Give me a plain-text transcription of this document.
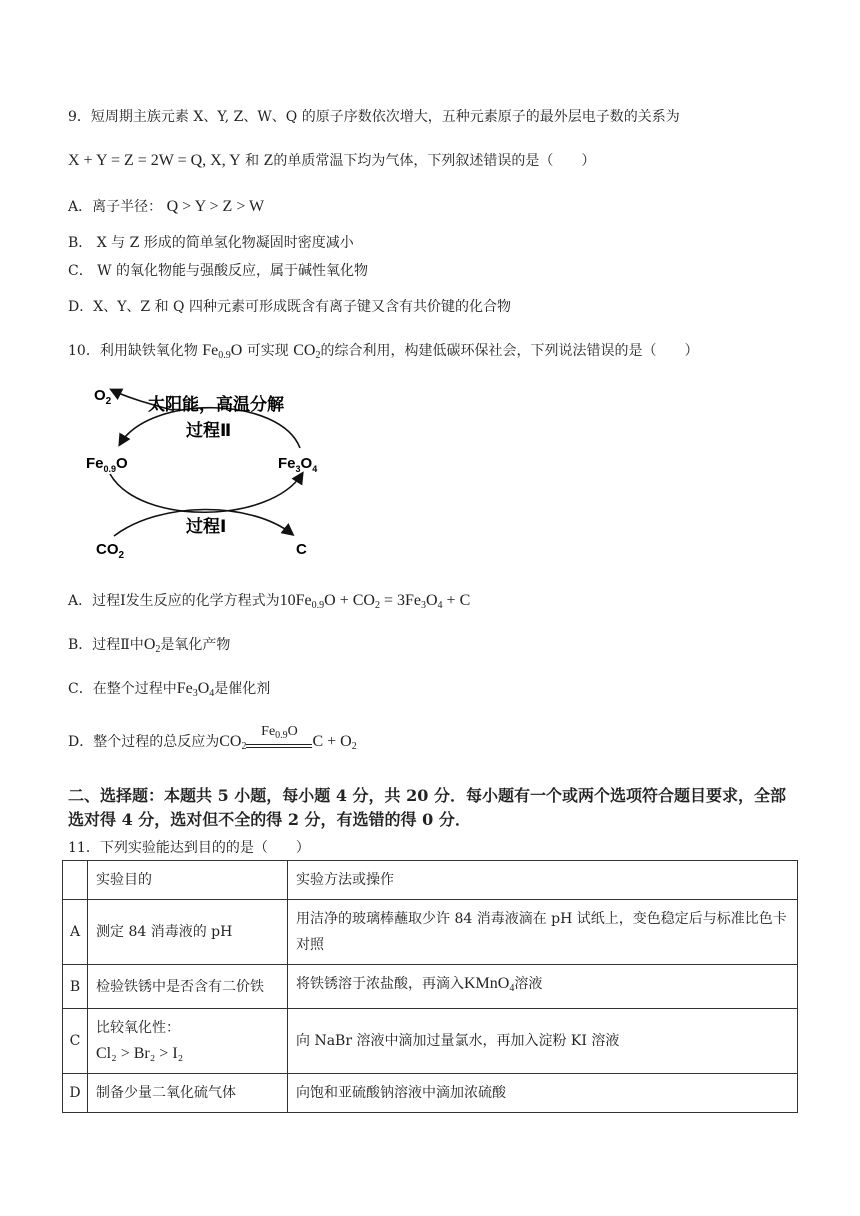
9．短周期主族元素 X、Y, Z、W、Q 的原子序数依次增大，五种元素原子的最外层电子数的关系为
X + Y = Z = 2W = Q, X, Y 和 Z的单质常温下均为气体，下列叙述错误的是（　　）
A．离子半径： Q > Y > Z > W
B． X 与 Z 形成的简单氢化物凝固时密度减小
C． W 的氧化物能与强酸反应，属于碱性氧化物
D．X、Y、Z 和 Q 四种元素可形成既含有离子键又含有共价键的化合物
10．利用缺铁氧化物 $Fe_{0.9}O$ 可实现 $CO_2$的综合利用，构建低碳环保社会，下列说法错误的是（　　）
$O_2$ 太阳能，高温分解
过程Ⅱ
$Fe_{0.9}O$	$Fe_3O_4$
过程Ⅰ
$CO_2$	C
A．过程Ⅰ发生反应的化学方程式为$10Fe_{0.9}O + CO_2 = 3Fe_3O_4 + C$
B．过程Ⅱ中$O_2$是氧化产物
C．在整个过程中$Fe_3O_4$是催化剂
D．整个过程的总反应为$CO_2$
$Fe_{0.9}O$
$C + O_2$
二、选择题：本题共 5 小题，每小题 4 分，共 20 分．每小题有一个或两个选项符合题目要求，全部选对得 4 分，选对但不全的得 2 分，有选错的得 0 分．
11．下列实验能达到目的的是（　　）
	实验目的	实验方法或操作
A	测定 84 消毒液的 pH	用洁净的玻璃棒蘸取少许 84 消毒液滴在 pH 试纸上，变色稳定后与标准比色卡对照
B	检验铁锈中是否含有二价铁	将铁锈溶于浓盐酸，再滴入KMnO$_4$溶液
C	比较氧化性：
Cl₂ > Br₂ > I₂	向 NaBr 溶液中滴加过量氯水，再加入淀粉 KI 溶液
D	制备少量二氧化硫气体	向饱和亚硫酸钠溶液中滴加浓硫酸
